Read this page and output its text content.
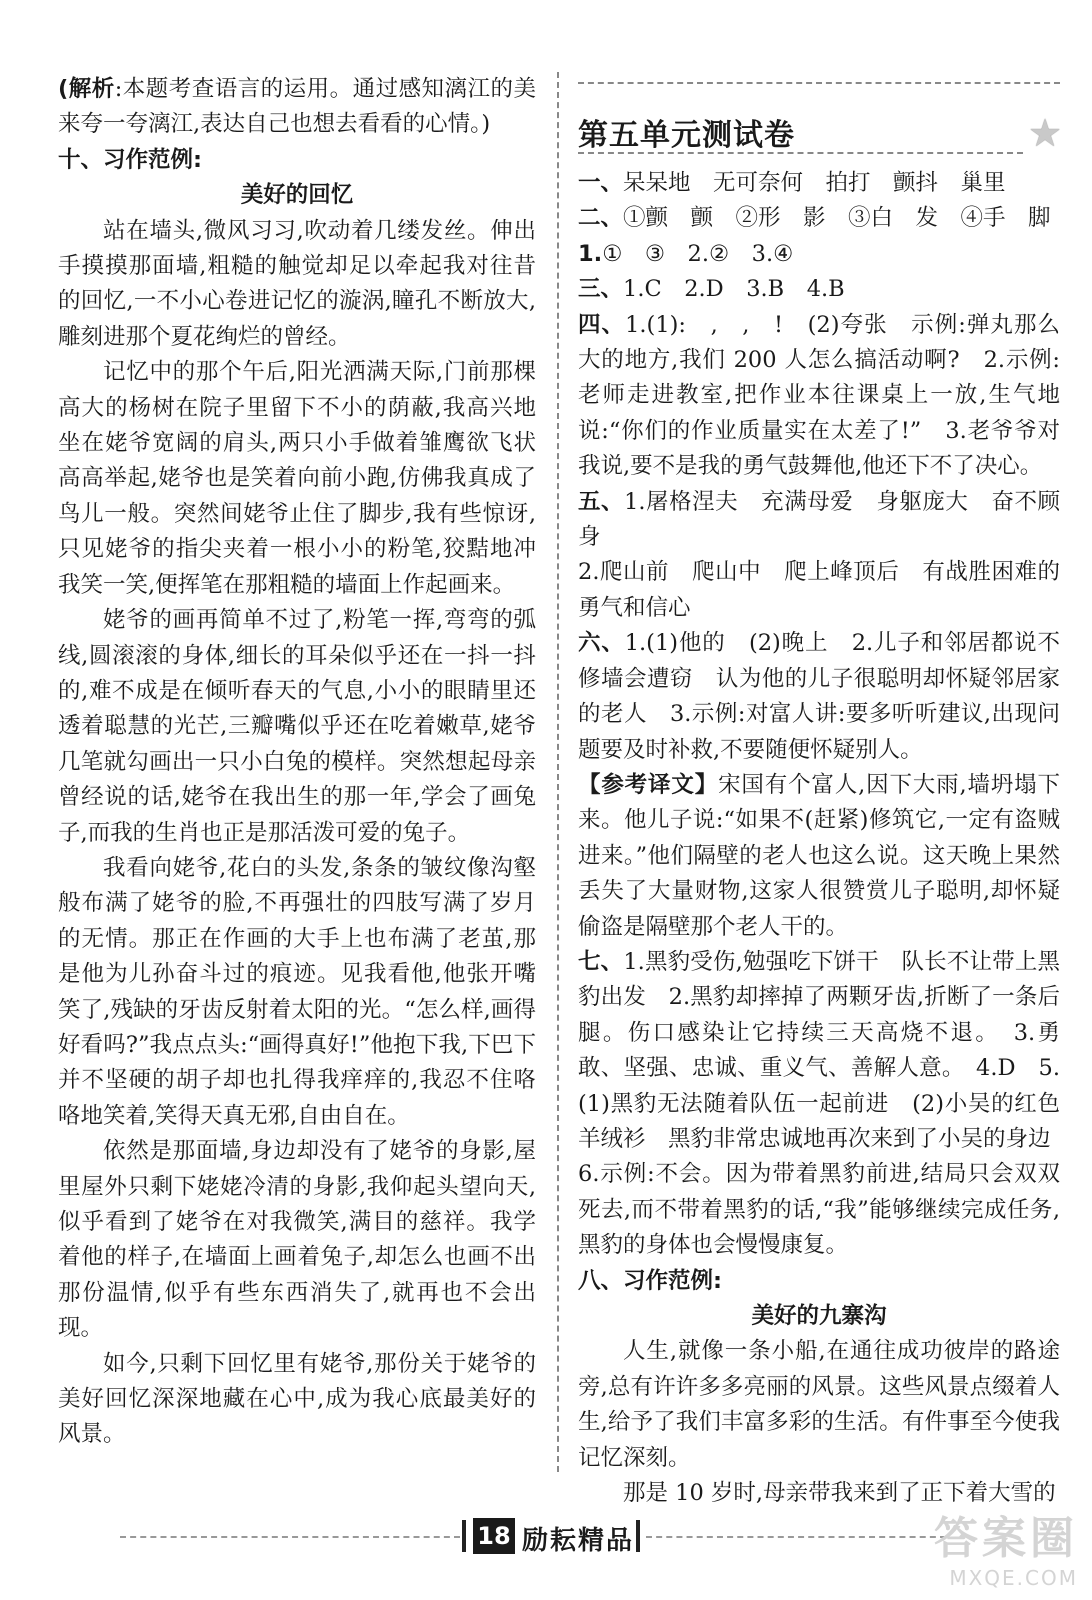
(解析:本题考查语言的运用。通过感知漓江的美来夸一夸漓江,表达自己也想去看看的心情。)

十、习作范例:

美好的回忆

站在墙头,微风习习,吹动着几缕发丝。伸出手摸摸那面墙,粗糙的触觉却足以牵起我对往昔的回忆,一不小心卷进记忆的漩涡,瞳孔不断放大,雕刻进那个夏花绚烂的曾经。

记忆中的那个午后,阳光洒满天际,门前那棵高大的杨树在院子里留下不小的荫蔽,我高兴地坐在姥爷宽阔的肩头,两只小手做着雏鹰欲飞状高高举起,姥爷也是笑着向前小跑,仿佛我真成了鸟儿一般。突然间姥爷止住了脚步,我有些惊讶,只见姥爷的指尖夹着一根小小的粉笔,狡黠地冲我笑一笑,便挥笔在那粗糙的墙面上作起画来。

姥爷的画再简单不过了,粉笔一挥,弯弯的弧线,圆滚滚的身体,细长的耳朵似乎还在一抖一抖的,难不成是在倾听春天的气息,小小的眼睛里还透着聪慧的光芒,三瓣嘴似乎还在吃着嫩草,姥爷几笔就勾画出一只小白兔的模样。突然想起母亲曾经说的话,姥爷在我出生的那一年,学会了画兔子,而我的生肖也正是那活泼可爱的兔子。

我看向姥爷,花白的头发,条条的皱纹像沟壑般布满了姥爷的脸,不再强壮的四肢写满了岁月的无情。那正在作画的大手上也布满了老茧,那是他为儿孙奋斗过的痕迹。见我看他,他张开嘴笑了,残缺的牙齿反射着太阳的光。“怎么样,画得好看吗?”我点点头:“画得真好!”他抱下我,下巴下并不坚硬的胡子却也扎得我痒痒的,我忍不住咯咯地笑着,笑得天真无邪,自由自在。

依然是那面墙,身边却没有了姥爷的身影,屋里屋外只剩下姥姥冷清的身影,我仰起头望向天,似乎看到了姥爷在对我微笑,满目的慈祥。我学着他的样子,在墙面上画着兔子,却怎么也画不出那份温情,似乎有些东西消失了,就再也不会出现。

如今,只剩下回忆里有姥爷,那份关于姥爷的美好回忆深深地藏在心中,成为我心底最美好的风景。

第五单元测试卷	★

一、呆呆地　无可奈何　拍打　颤抖　巢里

二、①颤　颤　②形　影　③白　发　④手　脚

1.①　③　2.②　3.④

三、1.C　2.D　3.B　4.B

四、1.(1):　,　,　!　(2)夸张　示例:弹丸那么大的地方,我们 200 人怎么搞活动啊?　2.示例:老师走进教室,把作业本往课桌上一放,生气地说:“你们的作业质量实在太差了!”　3.老爷爷对我说,要不是我的勇气鼓舞他,他还下不了决心。

五、1.屠格涅夫　充满母爱　身躯庞大　奋不顾身

2.爬山前　爬山中　爬上峰顶后　有战胜困难的勇气和信心

六、1.(1)他的　(2)晚上　2.儿子和邻居都说不修墙会遭窃　认为他的儿子很聪明却怀疑邻居家的老人　3.示例:对富人讲:要多听听建议,出现问题要及时补救,不要随便怀疑别人。

【参考译文】宋国有个富人,因下大雨,墙坍塌下来。他儿子说:“如果不(赶紧)修筑它,一定有盗贼进来。”他们隔壁的老人也这么说。这天晚上果然丢失了大量财物,这家人很赞赏儿子聪明,却怀疑偷盗是隔壁那个老人干的。

七、1.黑豹受伤,勉强吃下饼干　队长不让带上黑豹出发　2.黑豹却摔掉了两颗牙齿,折断了一条后腿。伤口感染让它持续三天高烧不退。　3.勇敢、坚强、忠诚、重义气、善解人意。　4.D　5.(1)黑豹无法随着队伍一起前进　(2)小吴的红色羊绒衫　黑豹非常忠诚地再次来到了小吴的身边

6.示例:不会。因为带着黑豹前进,结局只会双双死去,而不带着黑豹的话,“我”能够继续完成任务,黑豹的身体也会慢慢康复。

八、习作范例:

美好的九寨沟

人生,就像一条小船,在通往成功彼岸的路途旁,总有许许多多亮丽的风景。这些风景点缀着人生,给予了我们丰富多彩的生活。有件事至今使我记忆深刻。

那是 10 岁时,母亲带我来到了正下着大雪的

18 励耘精品	答案圈
MXQE.COM
